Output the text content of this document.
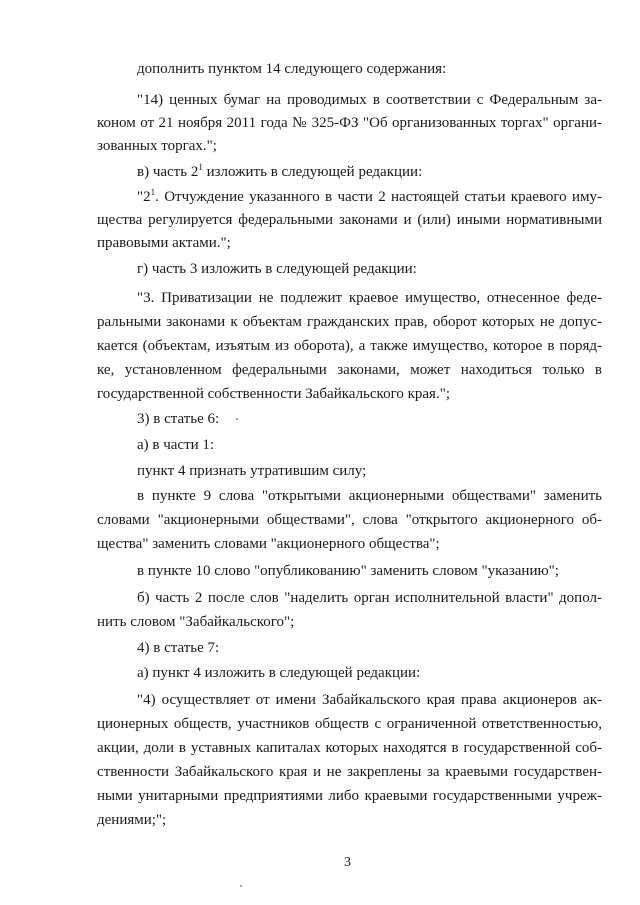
дополнить пунктом 14 следующего содержания:
"14) ценных бумаг на проводимых в соответствии с Федеральным за-
коном от 21 ноября 2011 года № 325-ФЗ "Об организованных торгах" органи-
зованных торгах.";
в) часть $2^1$ изложить в следующей редакции:
"$2^1$. Отчуждение указанного в части 2 настоящей статьи краевого иму-
щества регулируется федеральными законами и (или) иными нормативными
правовыми актами.";
г) часть 3 изложить в следующей редакции:
"3. Приватизации не подлежит краевое имущество, отнесенное феде-
ральными законами к объектам гражданских прав, оборот которых не допус-
кается (объектам, изъятым из оборота), а также имущество, которое в поряд-
ке, установленном федеральными законами, может находиться только в
государственной собственности Забайкальского края.";
3) в статье 6:
а) в части 1:
пункт 4 признать утратившим силу;
в пункте 9 слова "открытыми акционерными обществами" заменить
словами "акционерными обществами", слова "открытого акционерного об-
щества" заменить словами "акционерного общества";
в пункте 10 слово "опубликованию" заменить словом "указанию";
б) часть 2 после слов "наделить орган исполнительной власти" допол-
нить словом "Забайкальского";
4) в статье 7:
а) пункт 4 изложить в следующей редакции:
"4) осуществляет от имени Забайкальского края права акционеров ак-
ционерных обществ, участников обществ с ограниченной ответственностью,
акции, доли в уставных капиталах которых находятся в государственной соб-
ственности Забайкальского края и не закреплены за краевыми государствен-
ными унитарными предприятиями либо краевыми государственными учреж-
дениями;";
3
